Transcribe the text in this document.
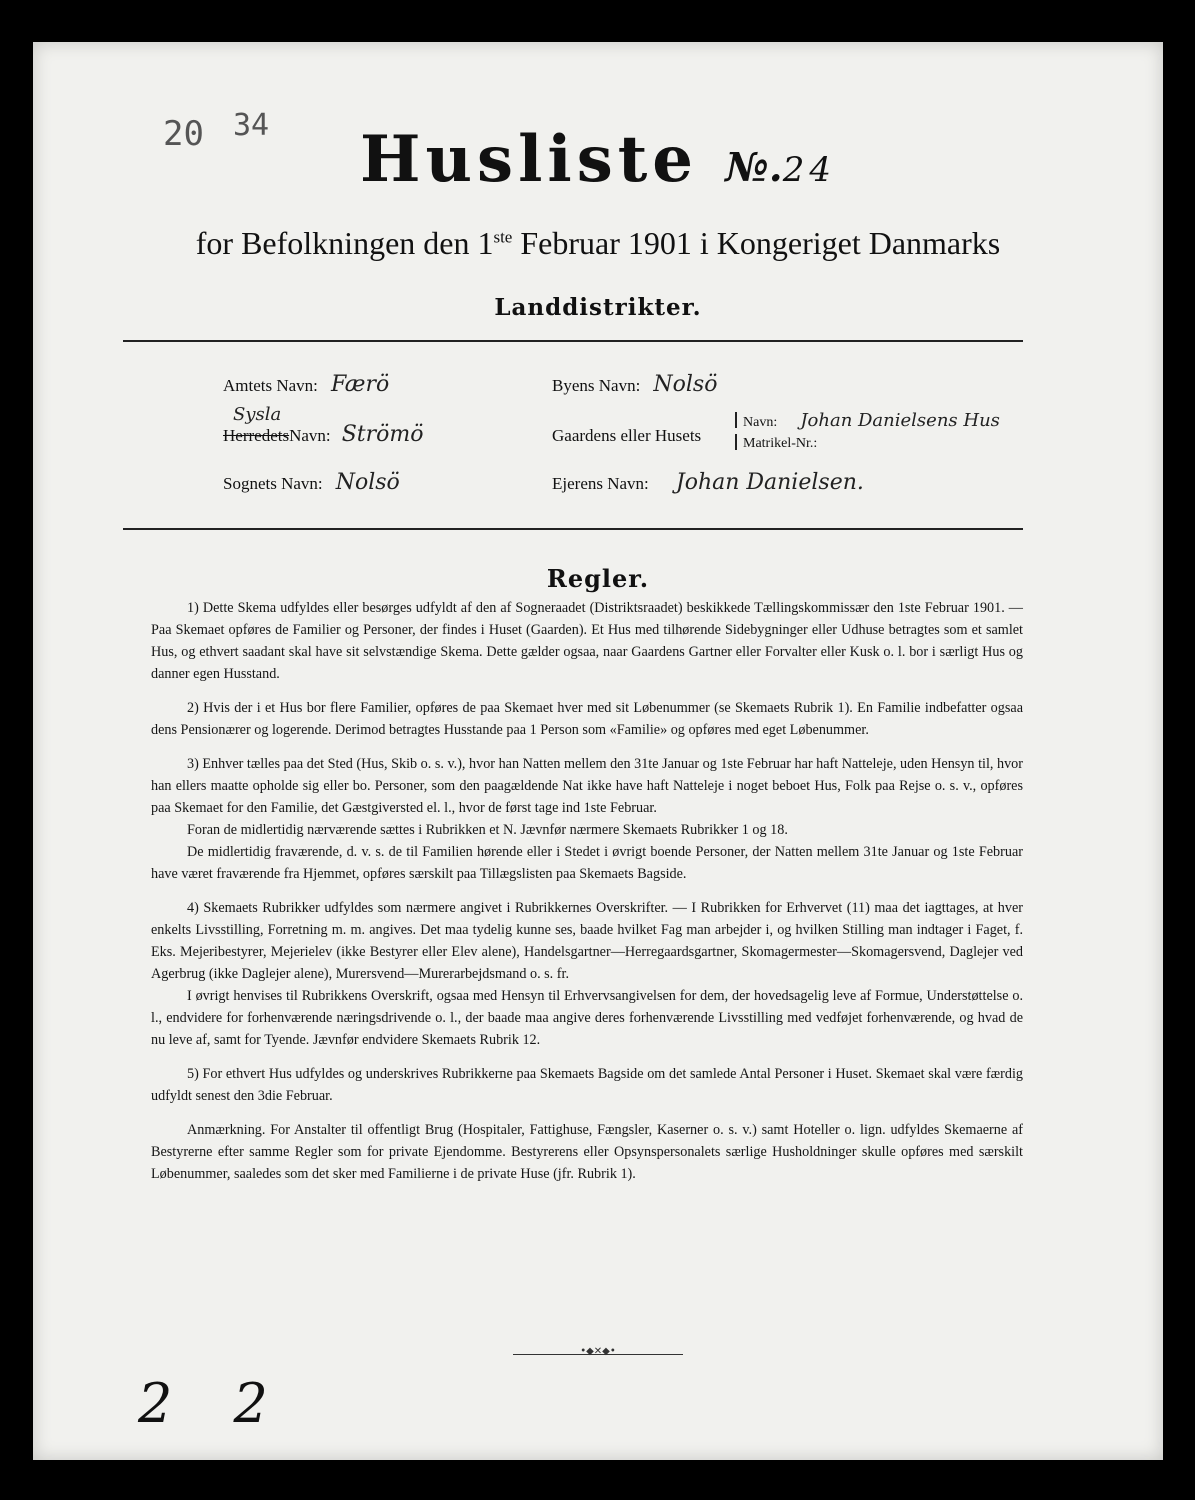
20 34	Husliste №.24
for Befolkningen den 1ste Februar 1901 i Kongeriget Danmarks
Landdistrikter.
Amtets Navn: Færö
Sysla
HerredetsNavn: Strömö
Sognets Navn: Nolsö
Byens Navn: Nolsö
Gaardens eller Husets
Navn: Johan Danielsens Hus
Matrikel-Nr.:
Ejerens Navn: Johan Danielsen.
Regler.

1) Dette Skema udfyldes eller besørges udfyldt af den af Sogneraadet (Distriktsraadet) beskikkede Tællingskommissær den 1ste Februar 1901. — Paa Skemaet opføres de Familier og Personer, der findes i Huset (Gaarden). Et Hus med tilhørende Sidebygninger eller Udhuse betragtes som et samlet Hus, og ethvert saadant skal have sit selvstændige Skema. Dette gælder ogsaa, naar Gaardens Gartner eller Forvalter eller Kusk o. l. bor i særligt Hus og danner egen Husstand.

2) Hvis der i et Hus bor flere Familier, opføres de paa Skemaet hver med sit Løbenummer (se Skemaets Rubrik 1). En Familie indbefatter ogsaa dens Pensionærer og logerende. Derimod betragtes Husstande paa 1 Person som «Familie» og opføres med eget Løbenummer.

3) Enhver tælles paa det Sted (Hus, Skib o. s. v.), hvor han Natten mellem den 31te Januar og 1ste Februar har haft Natteleje, uden Hensyn til, hvor han ellers maatte opholde sig eller bo. Personer, som den paagældende Nat ikke have haft Natteleje i noget beboet Hus, Folk paa Rejse o. s. v., opføres paa Skemaet for den Familie, det Gæstgiversted el. l., hvor de først tage ind 1ste Februar.

Foran de midlertidig nærværende sættes i Rubrikken et N. Jævnfør nærmere Skemaets Rubrikker 1 og 18.

De midlertidig fraværende, d. v. s. de til Familien hørende eller i Stedet i øvrigt boende Personer, der Natten mellem 31te Januar og 1ste Februar have været fraværende fra Hjemmet, opføres særskilt paa Tillægslisten paa Skemaets Bagside.

4) Skemaets Rubrikker udfyldes som nærmere angivet i Rubrikkernes Overskrifter. — I Rubrikken for Erhvervet (11) maa det iagttages, at hver enkelts Livsstilling, Forretning m. m. angives. Det maa tydelig kunne ses, baade hvilket Fag man arbejder i, og hvilken Stilling man indtager i Faget, f. Eks. Mejeribestyrer, Mejerielev (ikke Bestyrer eller Elev alene), Handelsgartner—Herregaardsgartner, Skomagermester—Skomagersvend, Daglejer ved Agerbrug (ikke Daglejer alene), Murersvend—Murerarbejdsmand o. s. fr.

I øvrigt henvises til Rubrikkens Overskrift, ogsaa med Hensyn til Erhvervsangivelsen for dem, der hovedsagelig leve af Formue, Understøttelse o. l., endvidere for forhenværende næringsdrivende o. l., der baade maa angive deres forhenværende Livsstilling med vedføjet forhenværende, og hvad de nu leve af, samt for Tyende. Jævnfør endvidere Skemaets Rubrik 12.

5) For ethvert Hus udfyldes og underskrives Rubrikkerne paa Skemaets Bagside om det samlede Antal Personer i Huset. Skemaet skal være færdig udfyldt senest den 3die Februar.

Anmærkning. For Anstalter til offentligt Brug (Hospitaler, Fattighuse, Fængsler, Kaserner o. s. v.) samt Hoteller o. lign. udfyldes Skemaerne af Bestyrerne efter samme Regler som for private Ejendomme. Bestyrerens eller Opsynspersonalets særlige Husholdninger skulle opføres med særskilt Løbenummer, saaledes som det sker med Familierne i de private Huse (jfr. Rubrik 1).

•◆✕◆•
2 2
